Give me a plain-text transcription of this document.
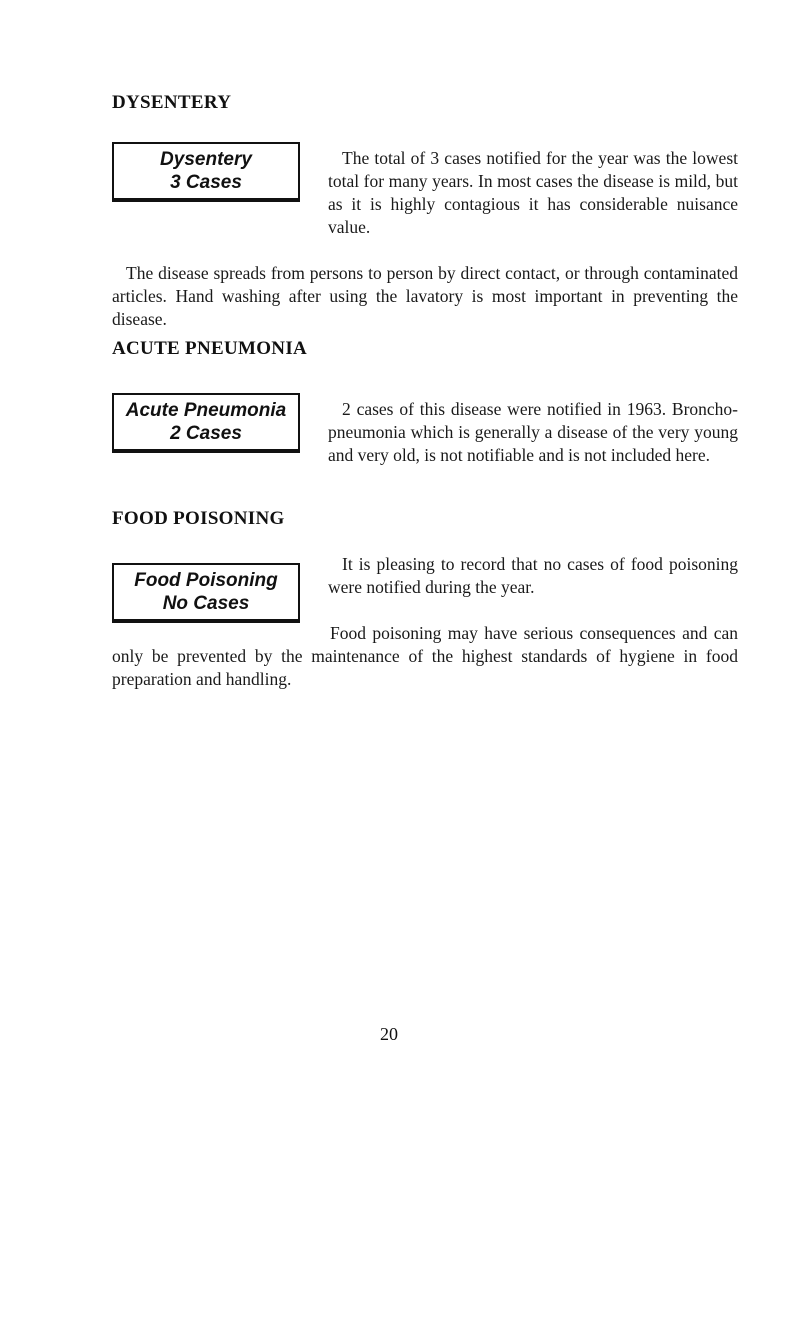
DYSENTERY
Dysentery
3 Cases
The total of 3 cases notified for the year was the lowest total for many years. In most cases the disease is mild, but as it is highly contagious it has considerable nuisance value.
The disease spreads from persons to person by direct contact, or through contaminated articles. Hand washing after using the lavatory is most important in preventing the disease.
ACUTE PNEUMONIA
Acute Pneumonia
2 Cases
2 cases of this disease were notified in 1963. Broncho-pneumonia which is generally a disease of the very young and very old, is not notifiable and is not included here.
FOOD POISONING
Food Poisoning
No Cases
It is pleasing to record that no cases of food poisoning were notified during the year.
Food poisoning may have serious consequences and can only be prevented by the maintenance of the highest standards of hygiene in food preparation and handling.
20
